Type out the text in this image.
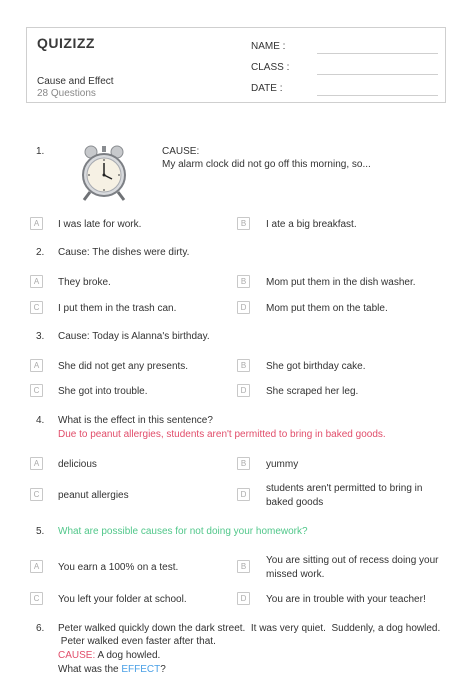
QUIZIZZ
Cause and Effect
28 Questions
NAME :
CLASS :
DATE :
1.	CAUSE:
My alarm clock did not go off this morning, so...
A	I was late for work.	B	I ate a big breakfast.
2. Cause: The dishes were dirty.
A	They broke.	B	Mom put them in the dish washer.
C	I put them in the trash can.	D	Mom put them on the table.
3. Cause: Today is Alanna's birthday.
A	She did not get any presents.	B	She got birthday cake.
C	She got into trouble.	D	She scraped her leg.
4. What is the effect in this sentence?
Due to peanut allergies, students aren't permitted to bring in baked goods.
A	delicious	B	yummy
C	peanut allergies	D
students aren't permitted to bring in
baked goods
5. What are possible causes for not doing your homework?
A	You earn a 100% on a test.	B
You are sitting out of recess doing your
missed work.
C	You left your folder at school.	D	You are in trouble with your teacher!
6. Peter walked quickly down the dark street.  It was very quiet.  Suddenly, a dog howled.
Peter walked even faster after that.
CAUSE: A dog howled.
What was the EFFECT?
